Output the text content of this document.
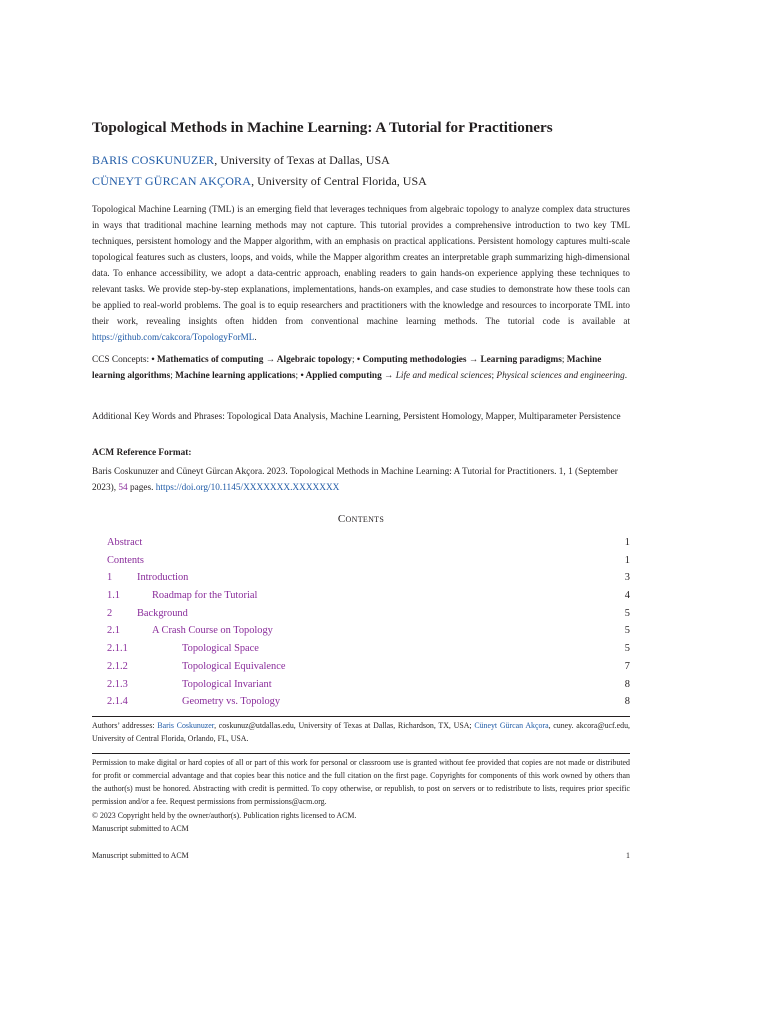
Topological Methods in Machine Learning: A Tutorial for Practitioners
BARIS COSKUNUZER, University of Texas at Dallas, USA
CÜNEYT GÜRCAN AKÇORA, University of Central Florida, USA
Topological Machine Learning (TML) is an emerging field that leverages techniques from algebraic topology to analyze complex data structures in ways that traditional machine learning methods may not capture. This tutorial provides a comprehensive introduction to two key TML techniques, persistent homology and the Mapper algorithm, with an emphasis on practical applications. Persistent homology captures multi-scale topological features such as clusters, loops, and voids, while the Mapper algorithm creates an interpretable graph summarizing high-dimensional data. To enhance accessibility, we adopt a data-centric approach, enabling readers to gain hands-on experience applying these techniques to relevant tasks. We provide step-by-step explanations, implementations, hands-on examples, and case studies to demonstrate how these tools can be applied to real-world problems. The goal is to equip researchers and practitioners with the knowledge and resources to incorporate TML into their work, revealing insights often hidden from conventional machine learning methods. The tutorial code is available at https://github.com/cakcora/TopologyForML.
CCS Concepts: • Mathematics of computing → Algebraic topology; • Computing methodologies → Learning paradigms; Machine learning algorithms; Machine learning applications; • Applied computing → Life and medical sciences; Physical sciences and engineering.
Additional Key Words and Phrases: Topological Data Analysis, Machine Learning, Persistent Homology, Mapper, Multiparameter Persistence
ACM Reference Format:
Baris Coskunuzer and Cüneyt Gürcan Akçora. 2023. Topological Methods in Machine Learning: A Tutorial for Practitioners. 1, 1 (September 2023), 54 pages. https://doi.org/10.1145/XXXXXXX.XXXXXXX
Contents
Abstract	1
Contents	1
1 Introduction	3
1.1	Roadmap for the Tutorial	4
2 Background	5
2.1	A Crash Course on Topology	5
2.1.1	Topological Space	5
2.1.2	Topological Equivalence	7
2.1.3	Topological Invariant	8
2.1.4	Geometry vs. Topology	8
Authors’ addresses: Baris Coskunuzer, coskunuz@utdallas.edu, University of Texas at Dallas, Richardson, TX, USA; Cüneyt Gürcan Akçora, cuney. akcora@ucf.edu, University of Central Florida, Orlando, FL, USA.
Permission to make digital or hard copies of all or part of this work for personal or classroom use is granted without fee provided that copies are not made or distributed for profit or commercial advantage and that copies bear this notice and the full citation on the first page. Copyrights for components of this work owned by others than the author(s) must be honored. Abstracting with credit is permitted. To copy otherwise, or republish, to post on servers or to redistribute to lists, requires prior specific permission and/or a fee. Request permissions from permissions@acm.org.
© 2023 Copyright held by the owner/author(s). Publication rights licensed to ACM.
Manuscript submitted to ACM
Manuscript submitted to ACM	1
